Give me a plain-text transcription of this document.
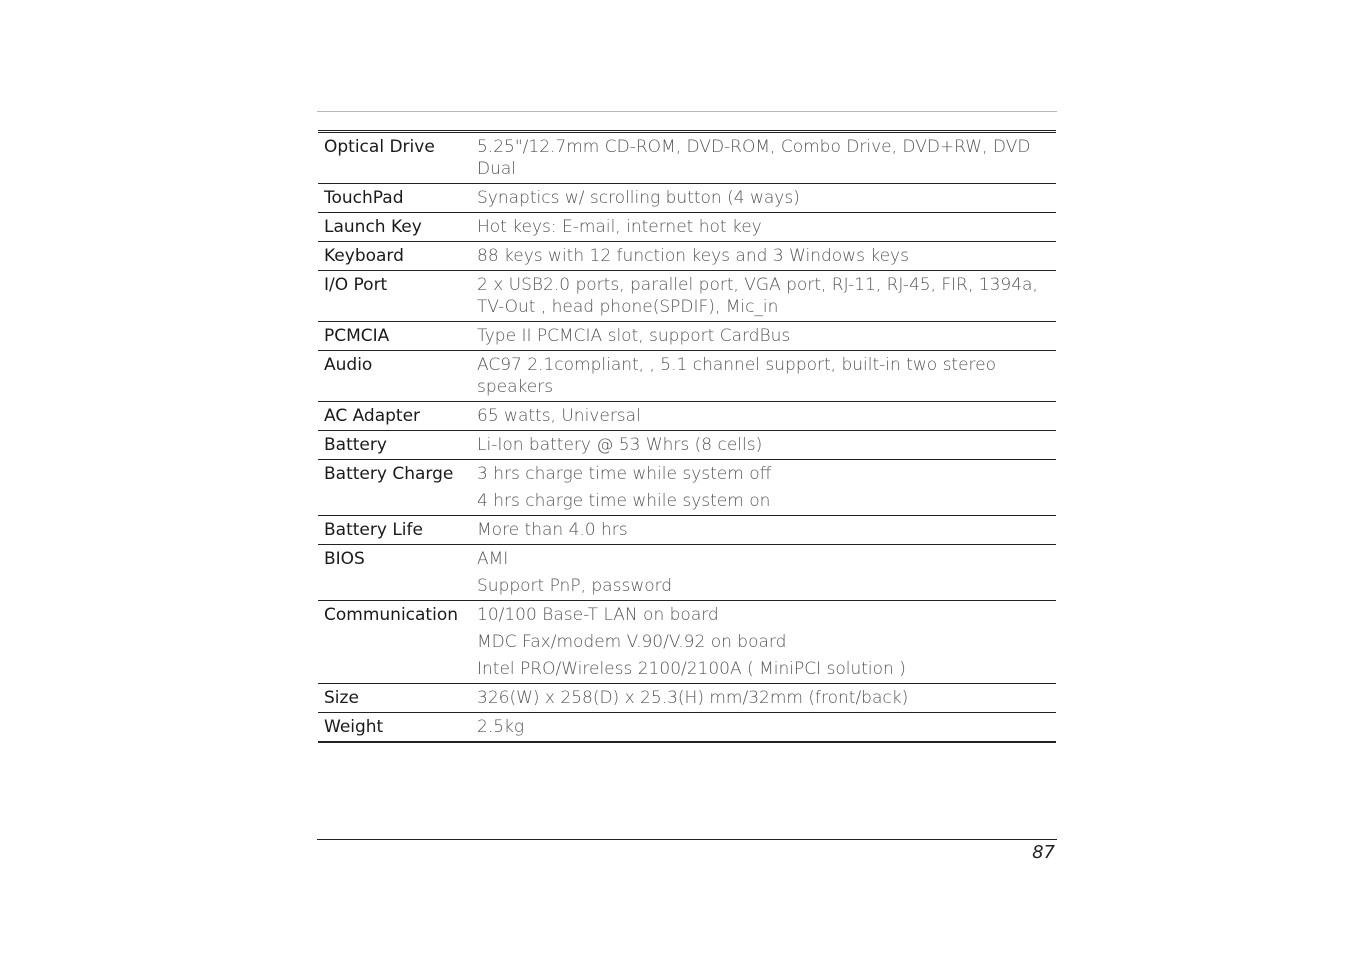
Optical Drive	5.25"/12.7mm CD-ROM, DVD-ROM, Combo Drive, DVD+RW, DVD Dual
TouchPad	Synaptics w/ scrolling button (4 ways)
Launch Key	Hot keys: E-mail, internet hot key
Keyboard	88 keys with 12 function keys and 3 Windows keys
I/O Port	2 x USB2.0 ports, parallel port, VGA port, RJ-11, RJ-45, FIR, 1394a, TV-Out , head phone(SPDIF), Mic_in
PCMCIA	Type II PCMCIA slot, support CardBus
Audio	AC97 2.1compliant, , 5.1 channel support, built-in two stereo speakers
AC Adapter	65 watts, Universal
Battery	Li-Ion battery @ 53 Whrs (8 cells)
Battery Charge	3 hrs charge time while system off
4 hrs charge time while system on
Battery Life	More than 4.0 hrs
BIOS	AMI
Support PnP, password
Communication	10/100 Base-T LAN on board
MDC Fax/modem V.90/V.92 on board
Intel PRO/Wireless 2100/2100A ( MiniPCI solution )
Size	326(W) x 258(D) x 25.3(H) mm/32mm (front/back)
Weight	2.5kg
87
